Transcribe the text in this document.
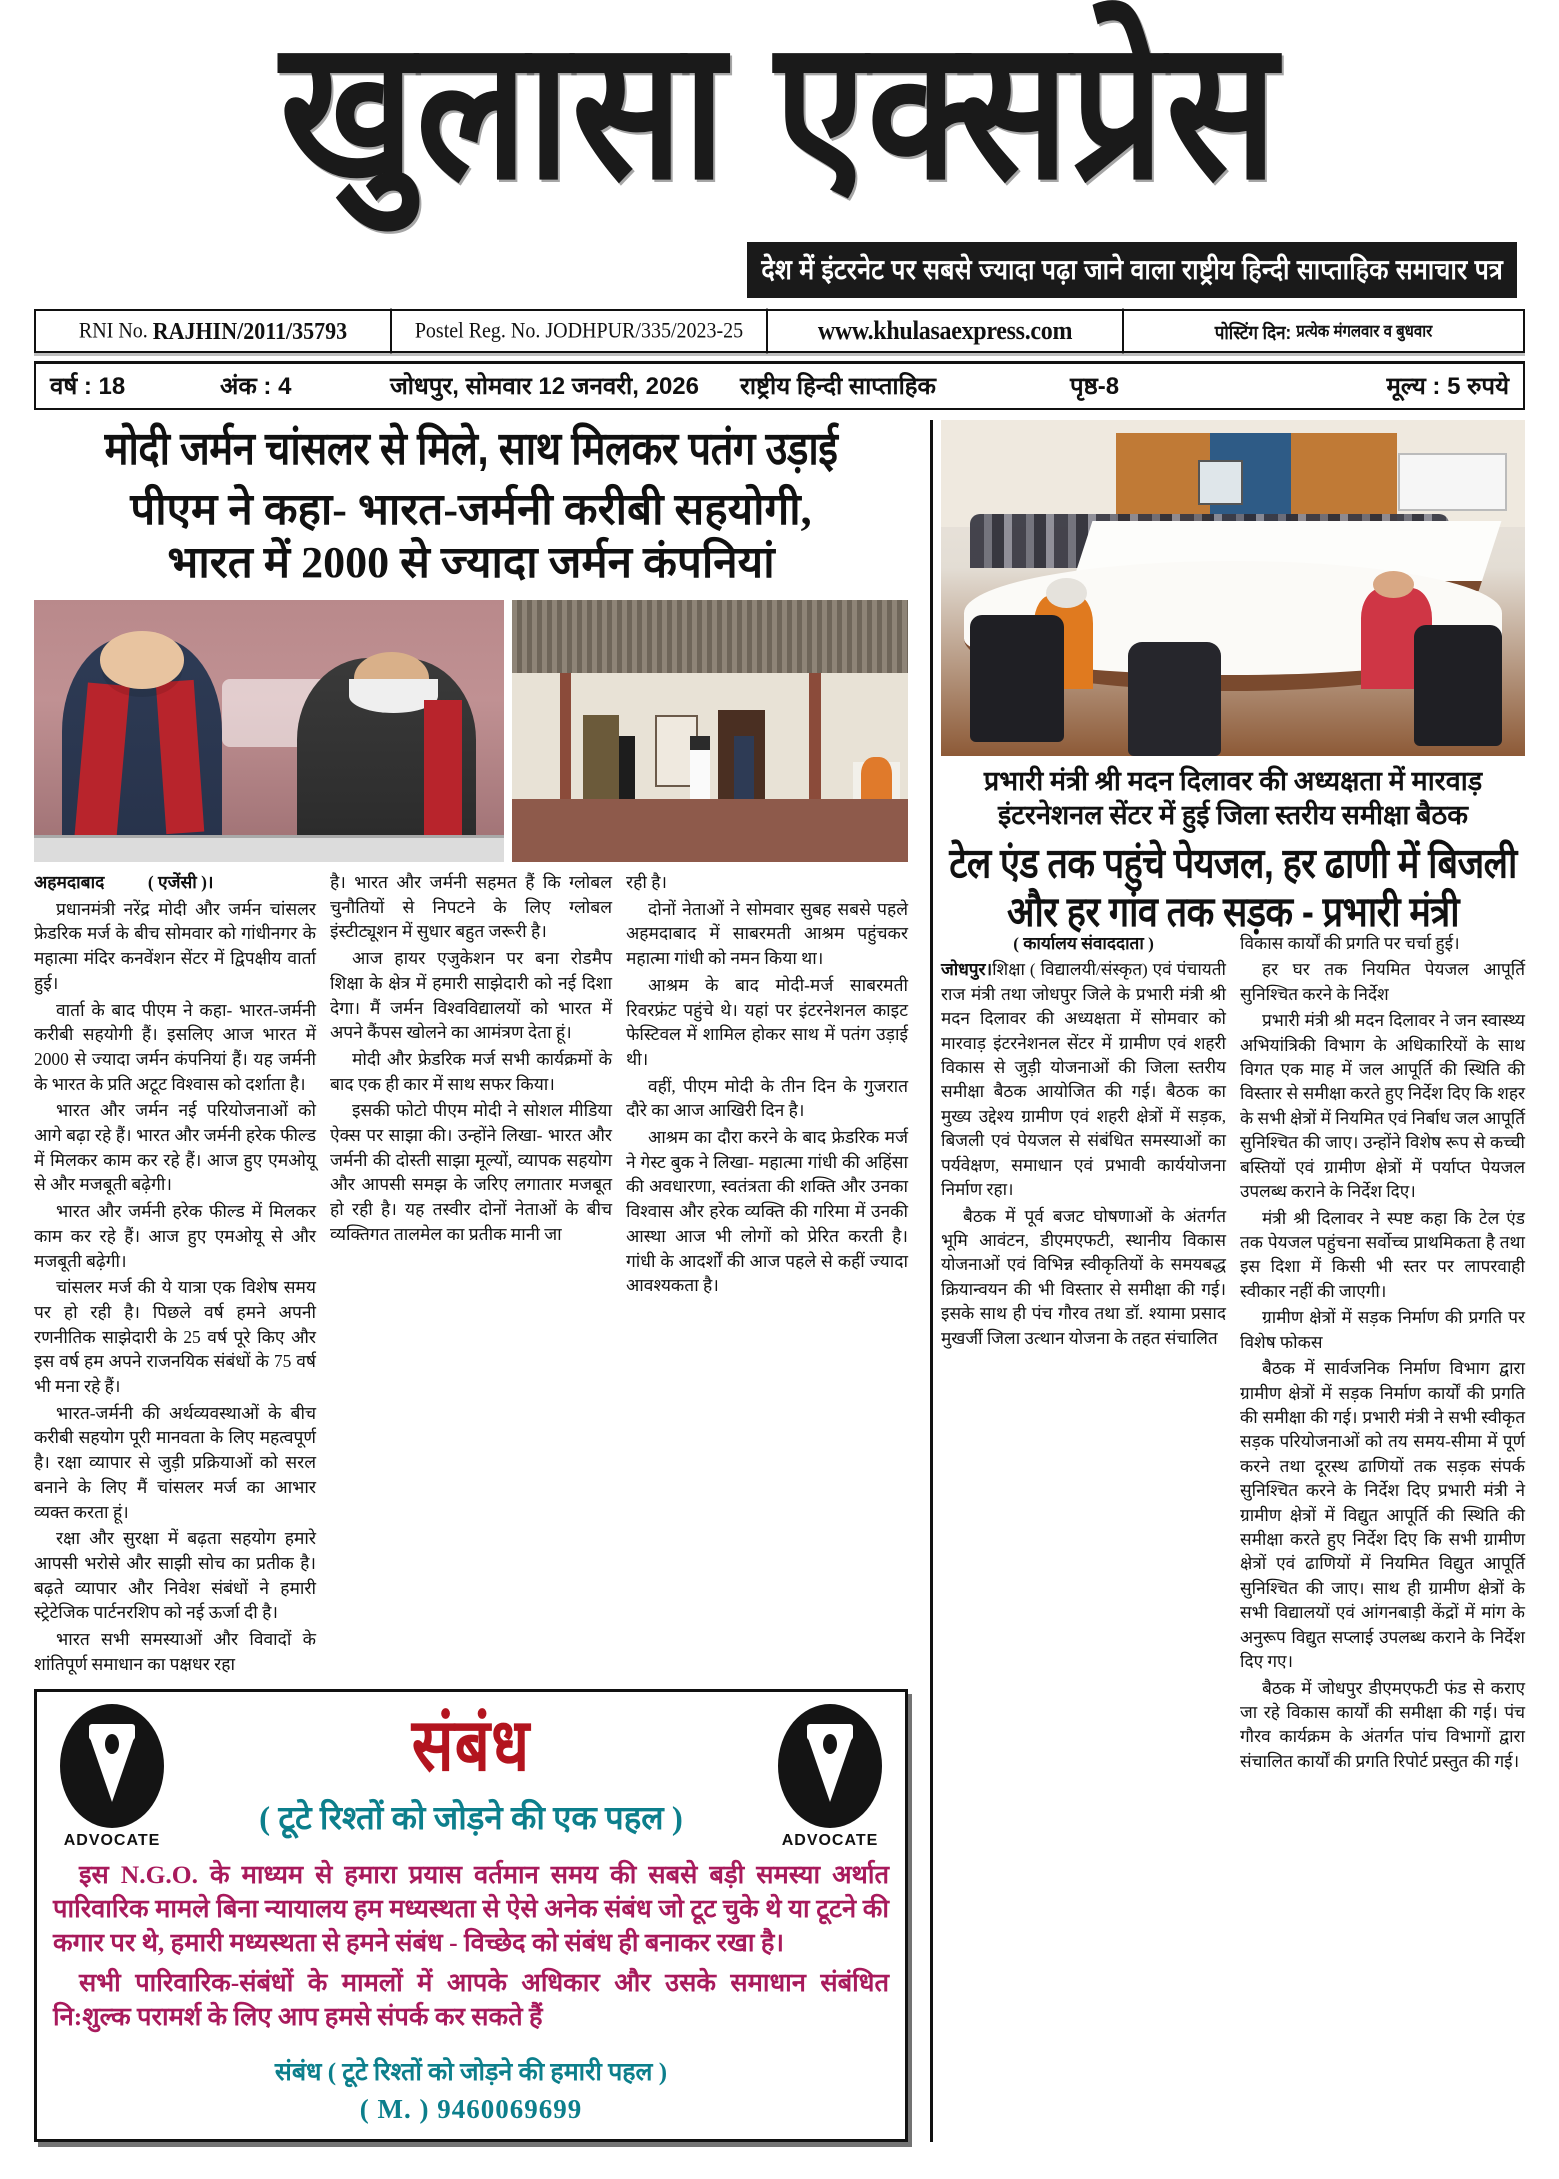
खुलासा एक्सप्रेस
देश में इंटरनेट पर सबसे ज्यादा पढ़ा जाने वाला राष्ट्रीय हिन्दी साप्ताहिक समाचार पत्र
RNI No.
RAJHIN/2011/35793	Postel Reg. No. JODHPUR/335/2023-25	www.khulasaexpress.com	पोस्टिंग दिन: प्रत्येक मंगलवार व बुधवार
वर्ष : 18	अंक : 4	जोधपुर, सोमवार 12 जनवरी, 2026	राष्ट्रीय हिन्दी साप्ताहिक	पृष्ठ-8	मूल्य : 5 रुपये
मोदी जर्मन चांसलर से मिले, साथ मिलकर पतंग उड़ाई
पीएम ने कहा- भारत-जर्मनी करीबी सहयोगी,
भारत में 2000 से ज्यादा जर्मन कंपनियां

अहमदाबाद ( एजेंसी )।

प्रधानमंत्री नरेंद्र मोदी और जर्मन चांसलर फ्रेडरिक मर्ज के बीच सोमवार को गांधीनगर के महात्मा मंदिर कनवेंशन सेंटर में द्विपक्षीय वार्ता हुई।

वार्ता के बाद पीएम ने कहा- भारत-जर्मनी करीबी सहयोगी हैं। इसलिए आज भारत में 2000 से ज्यादा जर्मन कंपनियां हैं। यह जर्मनी के भारत के प्रति अटूट विश्वास को दर्शाता है।

भारत और जर्मन नई परियोजनाओं को आगे बढ़ा रहे हैं। भारत और जर्मनी हरेक फील्ड में मिलकर काम कर रहे हैं। आज हुए एमओयू से और मजबूती बढ़ेगी।

भारत और जर्मनी हरेक फील्ड में मिलकर काम कर रहे हैं। आज हुए एमओयू से और मजबूती बढ़ेगी।

चांसलर मर्ज की ये यात्रा एक विशेष समय पर हो रही है। पिछले वर्ष हमने अपनी रणनीतिक साझेदारी के 25 वर्ष पूरे किए और इस वर्ष हम अपने राजनयिक संबंधों के 75 वर्ष भी मना रहे हैं।

भारत-जर्मनी की अर्थव्यवस्थाओं के बीच करीबी सहयोग पूरी मानवता के लिए महत्वपूर्ण है। रक्षा व्यापार से जुड़ी प्रक्रियाओं को सरल बनाने के लिए मैं चांसलर मर्ज का आभार व्यक्त करता हूं।

रक्षा और सुरक्षा में बढ़ता सहयोग हमारे आपसी भरोसे और साझी सोच का प्रतीक है। बढ़ते व्यापार और निवेश संबंधों ने हमारी स्ट्रेटेजिक पार्टनरशिप को नई ऊर्जा दी है।

भारत सभी समस्याओं और विवादों के शांतिपूर्ण समाधान का पक्षधर रहा

है। भारत और जर्मनी सहमत हैं कि ग्लोबल चुनौतियों से निपटने के लिए ग्लोबल इंस्टीट्यूशन में सुधार बहुत जरूरी है।

आज हायर एजुकेशन पर बना रोडमैप शिक्षा के क्षेत्र में हमारी साझेदारी को नई दिशा देगा। मैं जर्मन विश्वविद्यालयों को भारत में अपने कैंपस खोलने का आमंत्रण देता हूं।

मोदी और फ्रेडरिक मर्ज सभी कार्यक्रमों के बाद एक ही कार में साथ सफर किया।

इसकी फोटो पीएम मोदी ने सोशल मीडिया ऐक्स पर साझा की। उन्होंने लिखा- भारत और जर्मनी की दोस्ती साझा मूल्यों, व्यापक सहयोग और आपसी समझ के जरिए लगातार मजबूत हो रही है। यह तस्वीर दोनों नेताओं के बीच व्यक्तिगत तालमेल का प्रतीक मानी जा

रही है।

दोनों नेताओं ने सोमवार सुबह सबसे पहले अहमदाबाद में साबरमती आश्रम पहुंचकर महात्मा गांधी को नमन किया था।

आश्रम के बाद मोदी-मर्ज साबरमती रिवरफ्रंट पहुंचे थे। यहां पर इंटरनेशनल काइट फेस्टिवल में शामिल होकर साथ में पतंग उड़ाई थी।

वहीं, पीएम मोदी के तीन दिन के गुजरात दौरे का आज आखिरी दिन है।

आश्रम का दौरा करने के बाद फ्रेडरिक मर्ज ने गेस्ट बुक ने लिखा- महात्मा गांधी की अहिंसा की अवधारणा, स्वतंत्रता की शक्ति और उनका विश्वास और हरेक व्यक्ति की गरिमा में उनकी आस्था आज भी लोगों को प्रेरित करती है। गांधी के आदर्शों की आज पहले से कहीं ज्यादा आवश्यकता है।

ADVOCATE
संबंध
( टूटे रिश्तों को जोड़ने की एक पहल )
ADVOCATE

इस N.G.O. के माध्यम से हमारा प्रयास वर्तमान समय की सबसे बड़ी समस्या अर्थात पारिवारिक मामले बिना न्यायालय हम मध्यस्थता से ऐसे अनेक संबंध जो टूट चुके थे या टूटने की कगार पर थे, हमारी मध्यस्थता से हमने संबंध - विच्छेद को संबंध ही बनाकर रखा है।

सभी पारिवारिक-संबंधों के मामलों में आपके अधिकार और उसके समाधान संबंधित नि:शुल्क परामर्श के लिए आप हमसे संपर्क कर सकते हैं

संबंध ( टूटे रिश्तों को जोड़ने की हमारी पहल )
( M. ) 9460069699
प्रभारी मंत्री श्री मदन दिलावर की अध्यक्षता में मारवाड़
इंटरनेशनल सेंटर में हुई जिला स्तरीय समीक्षा बैठक
टेल एंड तक पहुंचे पेयजल, हर ढाणी में बिजली
और हर गांव तक सड़क - प्रभारी मंत्री

( कार्यालय संवाददाता )

जोधपुर।शिक्षा ( विद्यालयी/संस्कृत) एवं पंचायती राज मंत्री तथा जोधपुर जिले के प्रभारी मंत्री श्री मदन दिलावर की अध्यक्षता में सोमवार को मारवाड़ इंटरनेशनल सेंटर में ग्रामीण एवं शहरी विकास से जुड़ी योजनाओं की जिला स्तरीय समीक्षा बैठक आयोजित की गई। बैठक का मुख्य उद्देश्य ग्रामीण एवं शहरी क्षेत्रों में सड़क, बिजली एवं पेयजल से संबंधित समस्याओं का पर्यवेक्षण, समाधान एवं प्रभावी कार्ययोजना निर्माण रहा।

बैठक में पूर्व बजट घोषणाओं के अंतर्गत भूमि आवंटन, डीएमएफटी, स्थानीय विकास योजनाओं एवं विभिन्न स्वीकृतियों के समयबद्ध क्रियान्वयन की भी विस्तार से समीक्षा की गई। इसके साथ ही पंच गौरव तथा डॉ. श्यामा प्रसाद मुखर्जी जिला उत्थान योजना के तहत संचालित

विकास कार्यों की प्रगति पर चर्चा हुई।

हर घर तक नियमित पेयजल आपूर्ति सुनिश्चित करने के निर्देश

प्रभारी मंत्री श्री मदन दिलावर ने जन स्वास्थ्य अभियांत्रिकी विभाग के अधिकारियों के साथ विगत एक माह में जल आपूर्ति की स्थिति की विस्तार से समीक्षा करते हुए निर्देश दिए कि शहर के सभी क्षेत्रों में नियमित एवं निर्बाध जल आपूर्ति सुनिश्चित की जाए। उन्होंने विशेष रूप से कच्ची बस्तियों एवं ग्रामीण क्षेत्रों में पर्याप्त पेयजल उपलब्ध कराने के निर्देश दिए।

मंत्री श्री दिलावर ने स्पष्ट कहा कि टेल एंड तक पेयजल पहुंचना सर्वोच्च प्राथमिकता है तथा इस दिशा में किसी भी स्तर पर लापरवाही स्वीकार नहीं की जाएगी।

ग्रामीण क्षेत्रों में सड़क निर्माण की प्रगति पर विशेष फोकस

बैठक में सार्वजनिक निर्माण विभाग द्वारा ग्रामीण क्षेत्रों में सड़क निर्माण कार्यों की प्रगति की समीक्षा की गई। प्रभारी मंत्री ने सभी स्वीकृत सड़क परियोजनाओं को तय समय-सीमा में पूर्ण करने तथा दूरस्थ ढाणियों तक सड़क संपर्क सुनिश्चित करने के निर्देश दिए प्रभारी मंत्री ने ग्रामीण क्षेत्रों में विद्युत आपूर्ति की स्थिति की समीक्षा करते हुए निर्देश दिए कि सभी ग्रामीण क्षेत्रों एवं ढाणियों में नियमित विद्युत आपूर्ति सुनिश्चित की जाए। साथ ही ग्रामीण क्षेत्रों के सभी विद्यालयों एवं आंगनबाड़ी केंद्रों में मांग के अनुरूप विद्युत सप्लाई उपलब्ध कराने के निर्देश दिए गए।

बैठक में जोधपुर डीएमएफटी फंड से कराए जा रहे विकास कार्यों की समीक्षा की गई। पंच गौरव कार्यक्रम के अंतर्गत पांच विभागों द्वारा संचालित कार्यों की प्रगति रिपोर्ट प्रस्तुत की गई।
